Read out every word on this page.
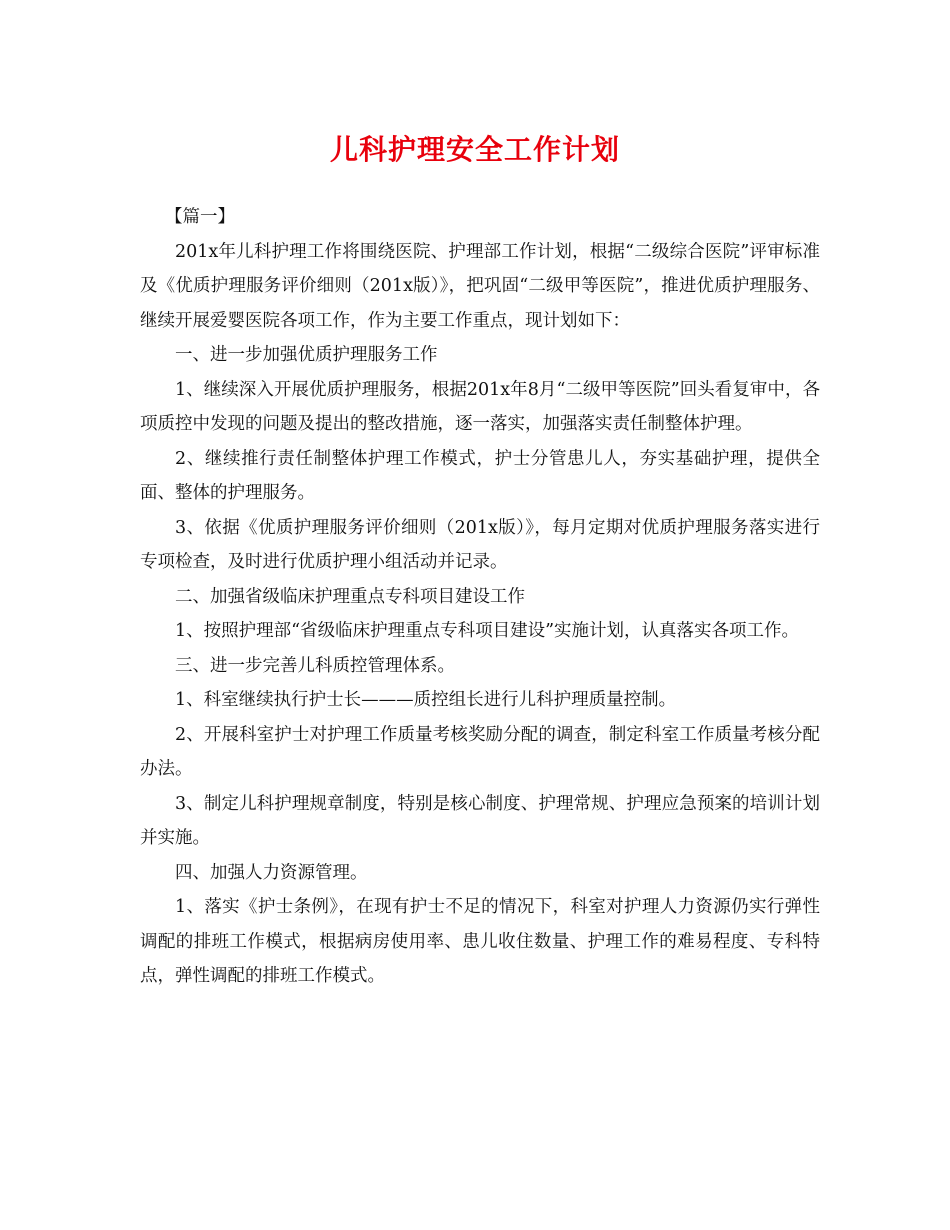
儿科护理安全工作计划

【篇一】

201x年儿科护理工作将围绕医院、护理部工作计划，根据“二级综合医院”评审标准及《优质护理服务评价细则（201x版）》，把巩固“二级甲等医院”，推进优质护理服务、继续开展爱婴医院各项工作，作为主要工作重点，现计划如下：

一、进一步加强优质护理服务工作

1、继续深入开展优质护理服务，根据201x年8月“二级甲等医院”回头看复审中，各项质控中发现的问题及提出的整改措施，逐一落实，加强落实责任制整体护理。

2、继续推行责任制整体护理工作模式，护士分管患儿人，夯实基础护理，提供全面、整体的护理服务。

3、依据《优质护理服务评价细则（201x版）》，每月定期对优质护理服务落实进行专项检查，及时进行优质护理小组活动并记录。

二、加强省级临床护理重点专科项目建设工作

1、按照护理部“省级临床护理重点专科项目建设”实施计划，认真落实各项工作。

三、进一步完善儿科质控管理体系。

1、科室继续执行护士长———质控组长进行儿科护理质量控制。

2、开展科室护士对护理工作质量考核奖励分配的调查，制定科室工作质量考核分配办法。

3、制定儿科护理规章制度，特别是核心制度、护理常规、护理应急预案的培训计划并实施。

四、加强人力资源管理。

1、落实《护士条例》，在现有护士不足的情况下，科室对护理人力资源仍实行弹性调配的排班工作模式，根据病房使用率、患儿收住数量、护理工作的难易程度、专科特点，弹性调配的排班工作模式。
